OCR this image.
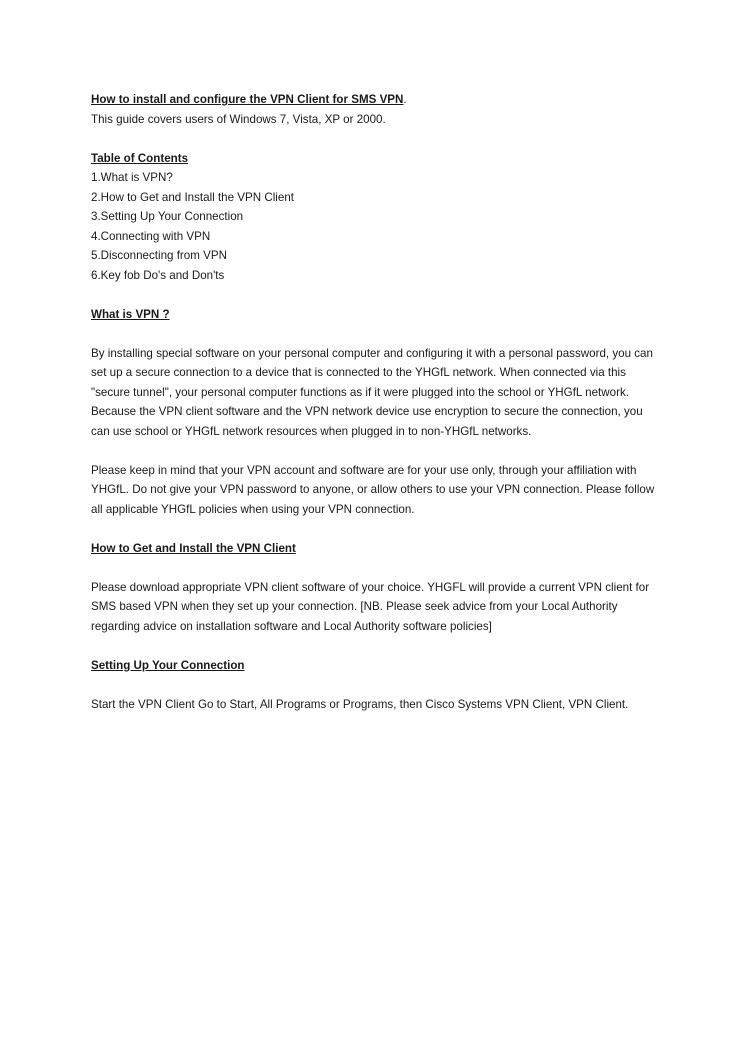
How to install and configure the VPN Client for SMS VPN.

This guide covers users of Windows 7, Vista, XP or 2000.

Table of Contents

1.What is VPN?
2.How to Get and Install the VPN Client
3.Setting Up Your Connection
4.Connecting with VPN
5.Disconnecting from VPN
6.Key fob Do's and Don'ts

What is VPN ?

By installing special software on your personal computer and configuring it with a personal password, you can set up a secure connection to a device that is connected to the YHGfL network. When connected via this "secure tunnel", your personal computer functions as if it were plugged into the school or YHGfL network. Because the VPN client software and the VPN network device use encryption to secure the connection, you can use school or YHGfL network resources when plugged in to non-YHGfL networks.

Please keep in mind that your VPN account and software are for your use only, through your affiliation with YHGfL. Do not give your VPN password to anyone, or allow others to use your VPN connection. Please follow all applicable YHGfL policies when using your VPN connection.

How to Get and Install the VPN Client

Please download appropriate VPN client software of your choice. YHGFL will provide a current VPN client for SMS based VPN when they set up your connection. [NB. Please seek advice from your Local Authority regarding advice on installation software and Local Authority software policies]

Setting Up Your Connection

Start the VPN Client Go to Start, All Programs or Programs, then Cisco Systems VPN Client, VPN Client.
